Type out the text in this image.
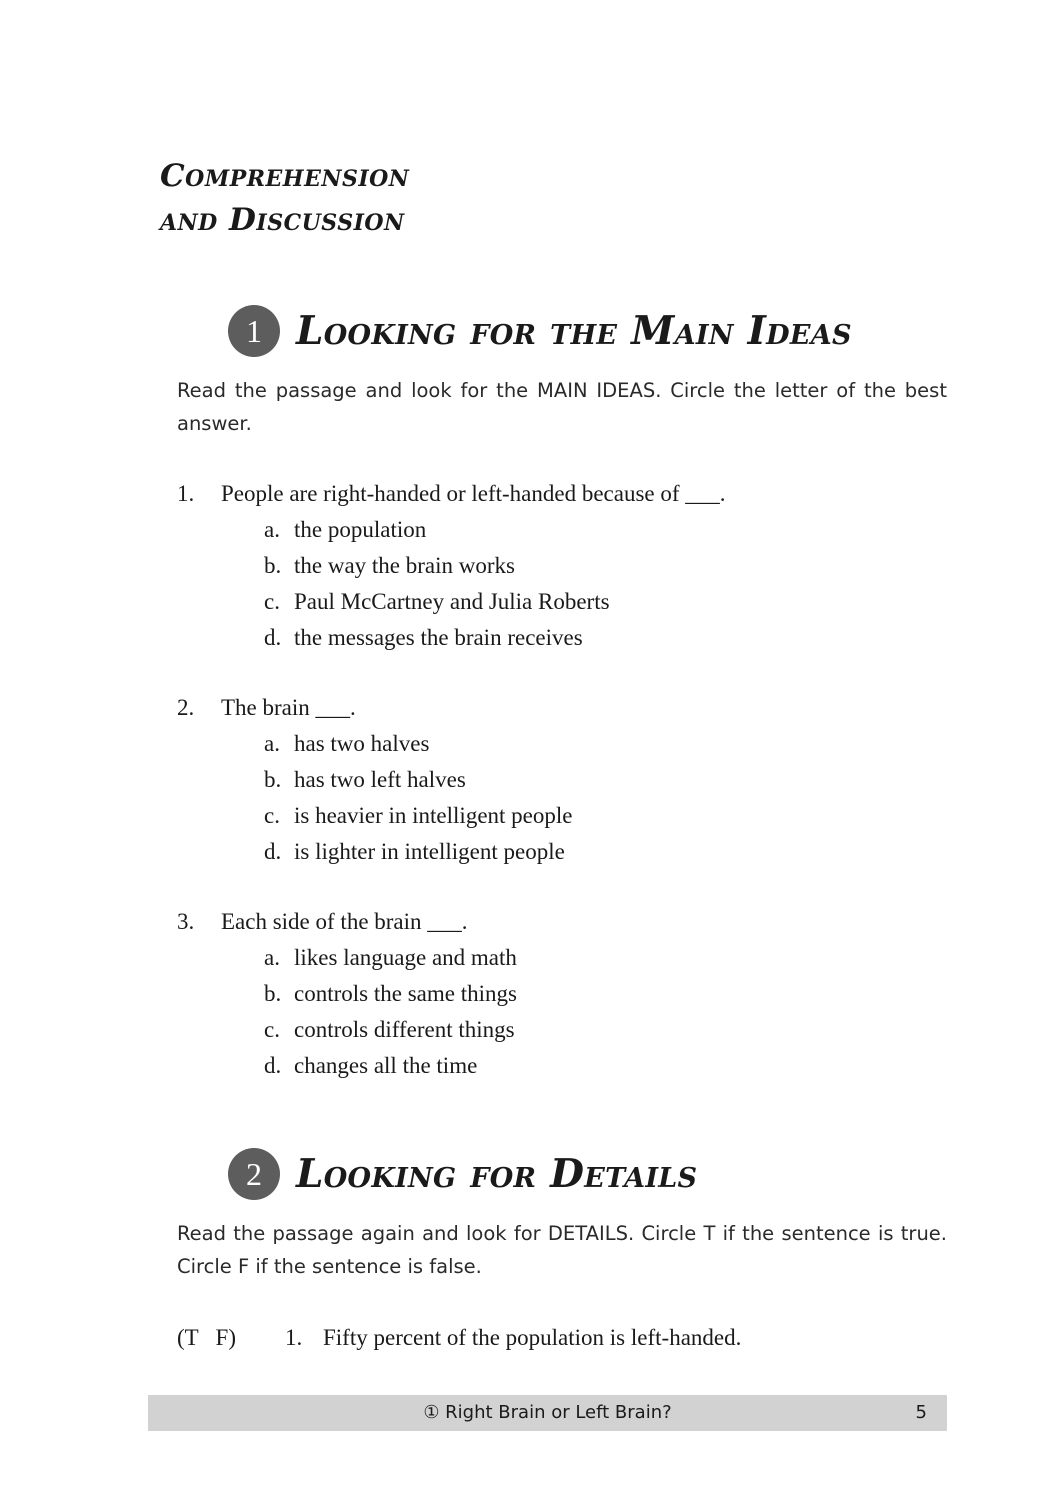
Comprehension
and Discussion
1 Looking for the Main Ideas
Read the passage and look for the MAIN IDEAS. Circle the letter of the best answer.
1. People are right-handed or left-handed because of ___.
a. the population
b. the way the brain works
c. Paul McCartney and Julia Roberts
d. the messages the brain receives
2. The brain ___.
a. has two halves
b. has two left halves
c. is heavier in intelligent people
d. is lighter in intelligent people
3. Each side of the brain ___.
a. likes language and math
b. controls the same things
c. controls different things
d. changes all the time
2 Looking for Details
Read the passage again and look for DETAILS. Circle T if the sentence is true. Circle F if the sentence is false.
(T   F) 1. Fifty percent of the population is left-handed.
① Right Brain or Left Brain?	5
